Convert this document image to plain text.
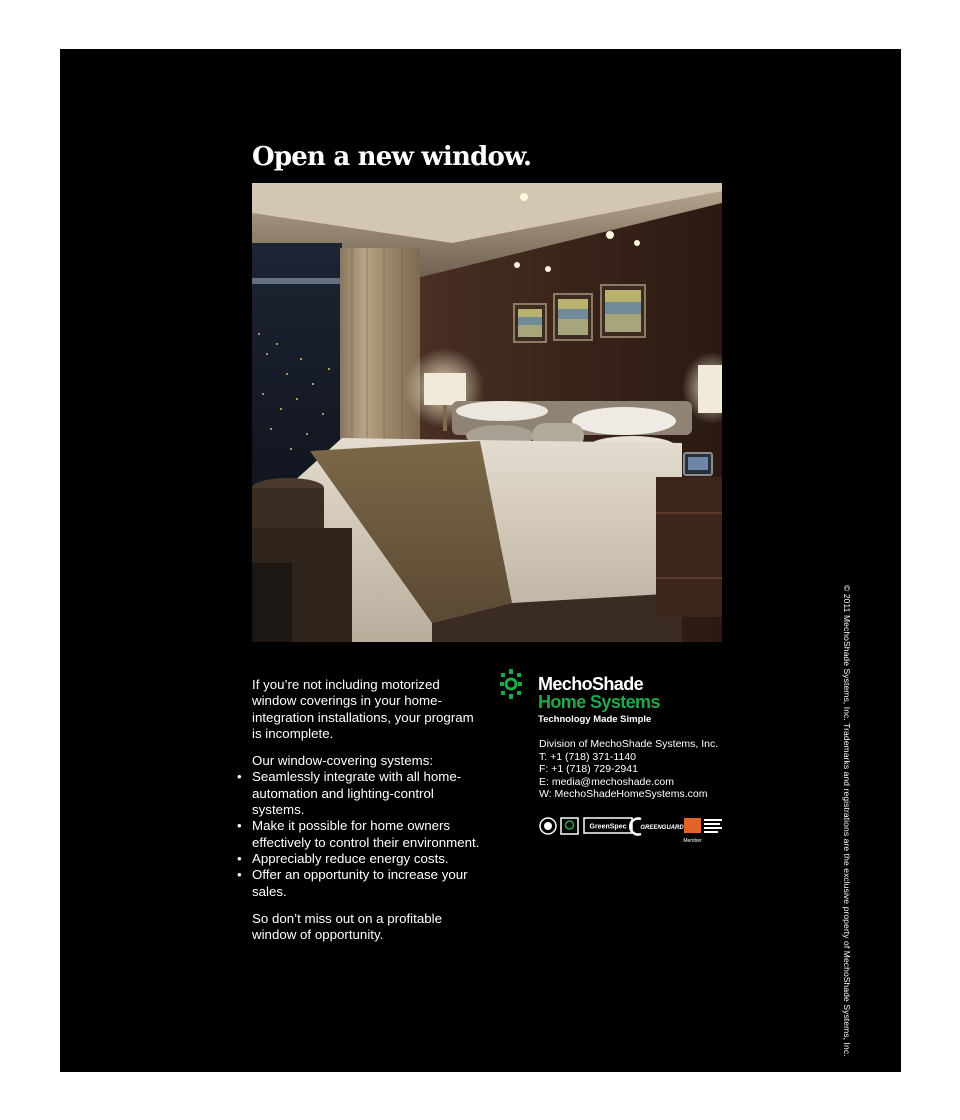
Open a new window.

If you’re not including motorized window coverings in your home-integration installations, your program is incomplete.

Our window-covering systems:

• Seamlessly integrate with all home-automation and lighting-control systems.
• Make it possible for home owners effectively to control their environment.
• Appreciably reduce energy costs.
• Offer an opportunity to increase your sales.

So don’t miss out on a profitable window of opportunity.

MechoShade
Home Systems
Technology Made Simple
Division of MechoShade Systems, Inc.
T: +1 (718) 371-1140
F: +1 (718) 729-2941
E: media@mechoshade.com
W: MechoShadeHomeSystems.com
GreenSpec GREENGUARD
Member	© 2011 MechoShade Systems, Inc. Trademarks and registrations are the exclusive property of MechoShade Systems, Inc.
